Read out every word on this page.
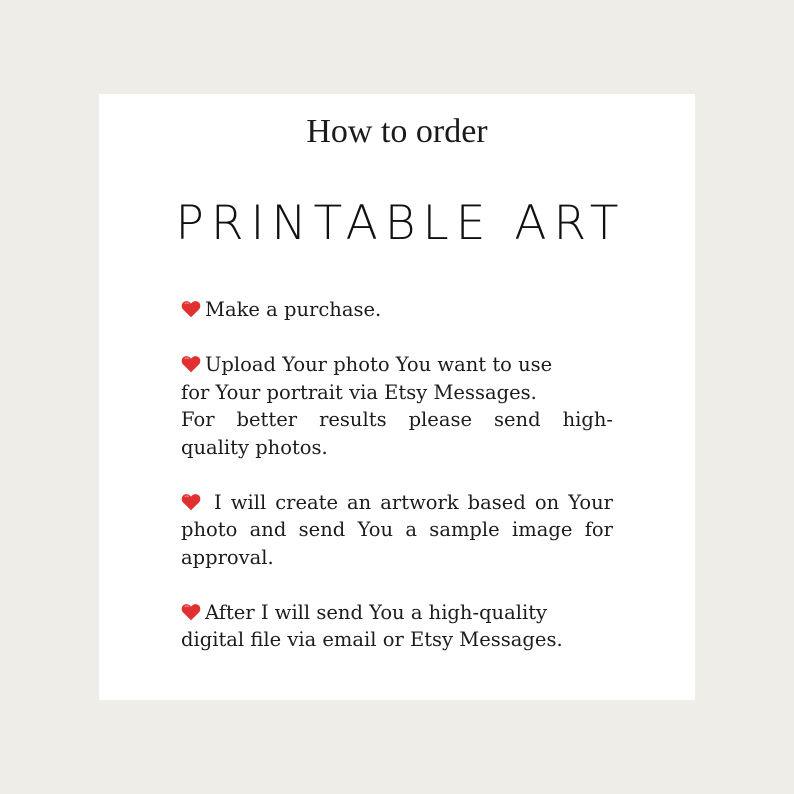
How to order
PRINTABLE ART
Make a purchase.
Upload Your photo You want to use
for Your portrait via Etsy Messages.
For better results please send high-
quality photos.
I will create an artwork based on Your
photo and send You a sample image for
approval.
After I will send You a high-quality
digital file via email or Etsy Messages.
